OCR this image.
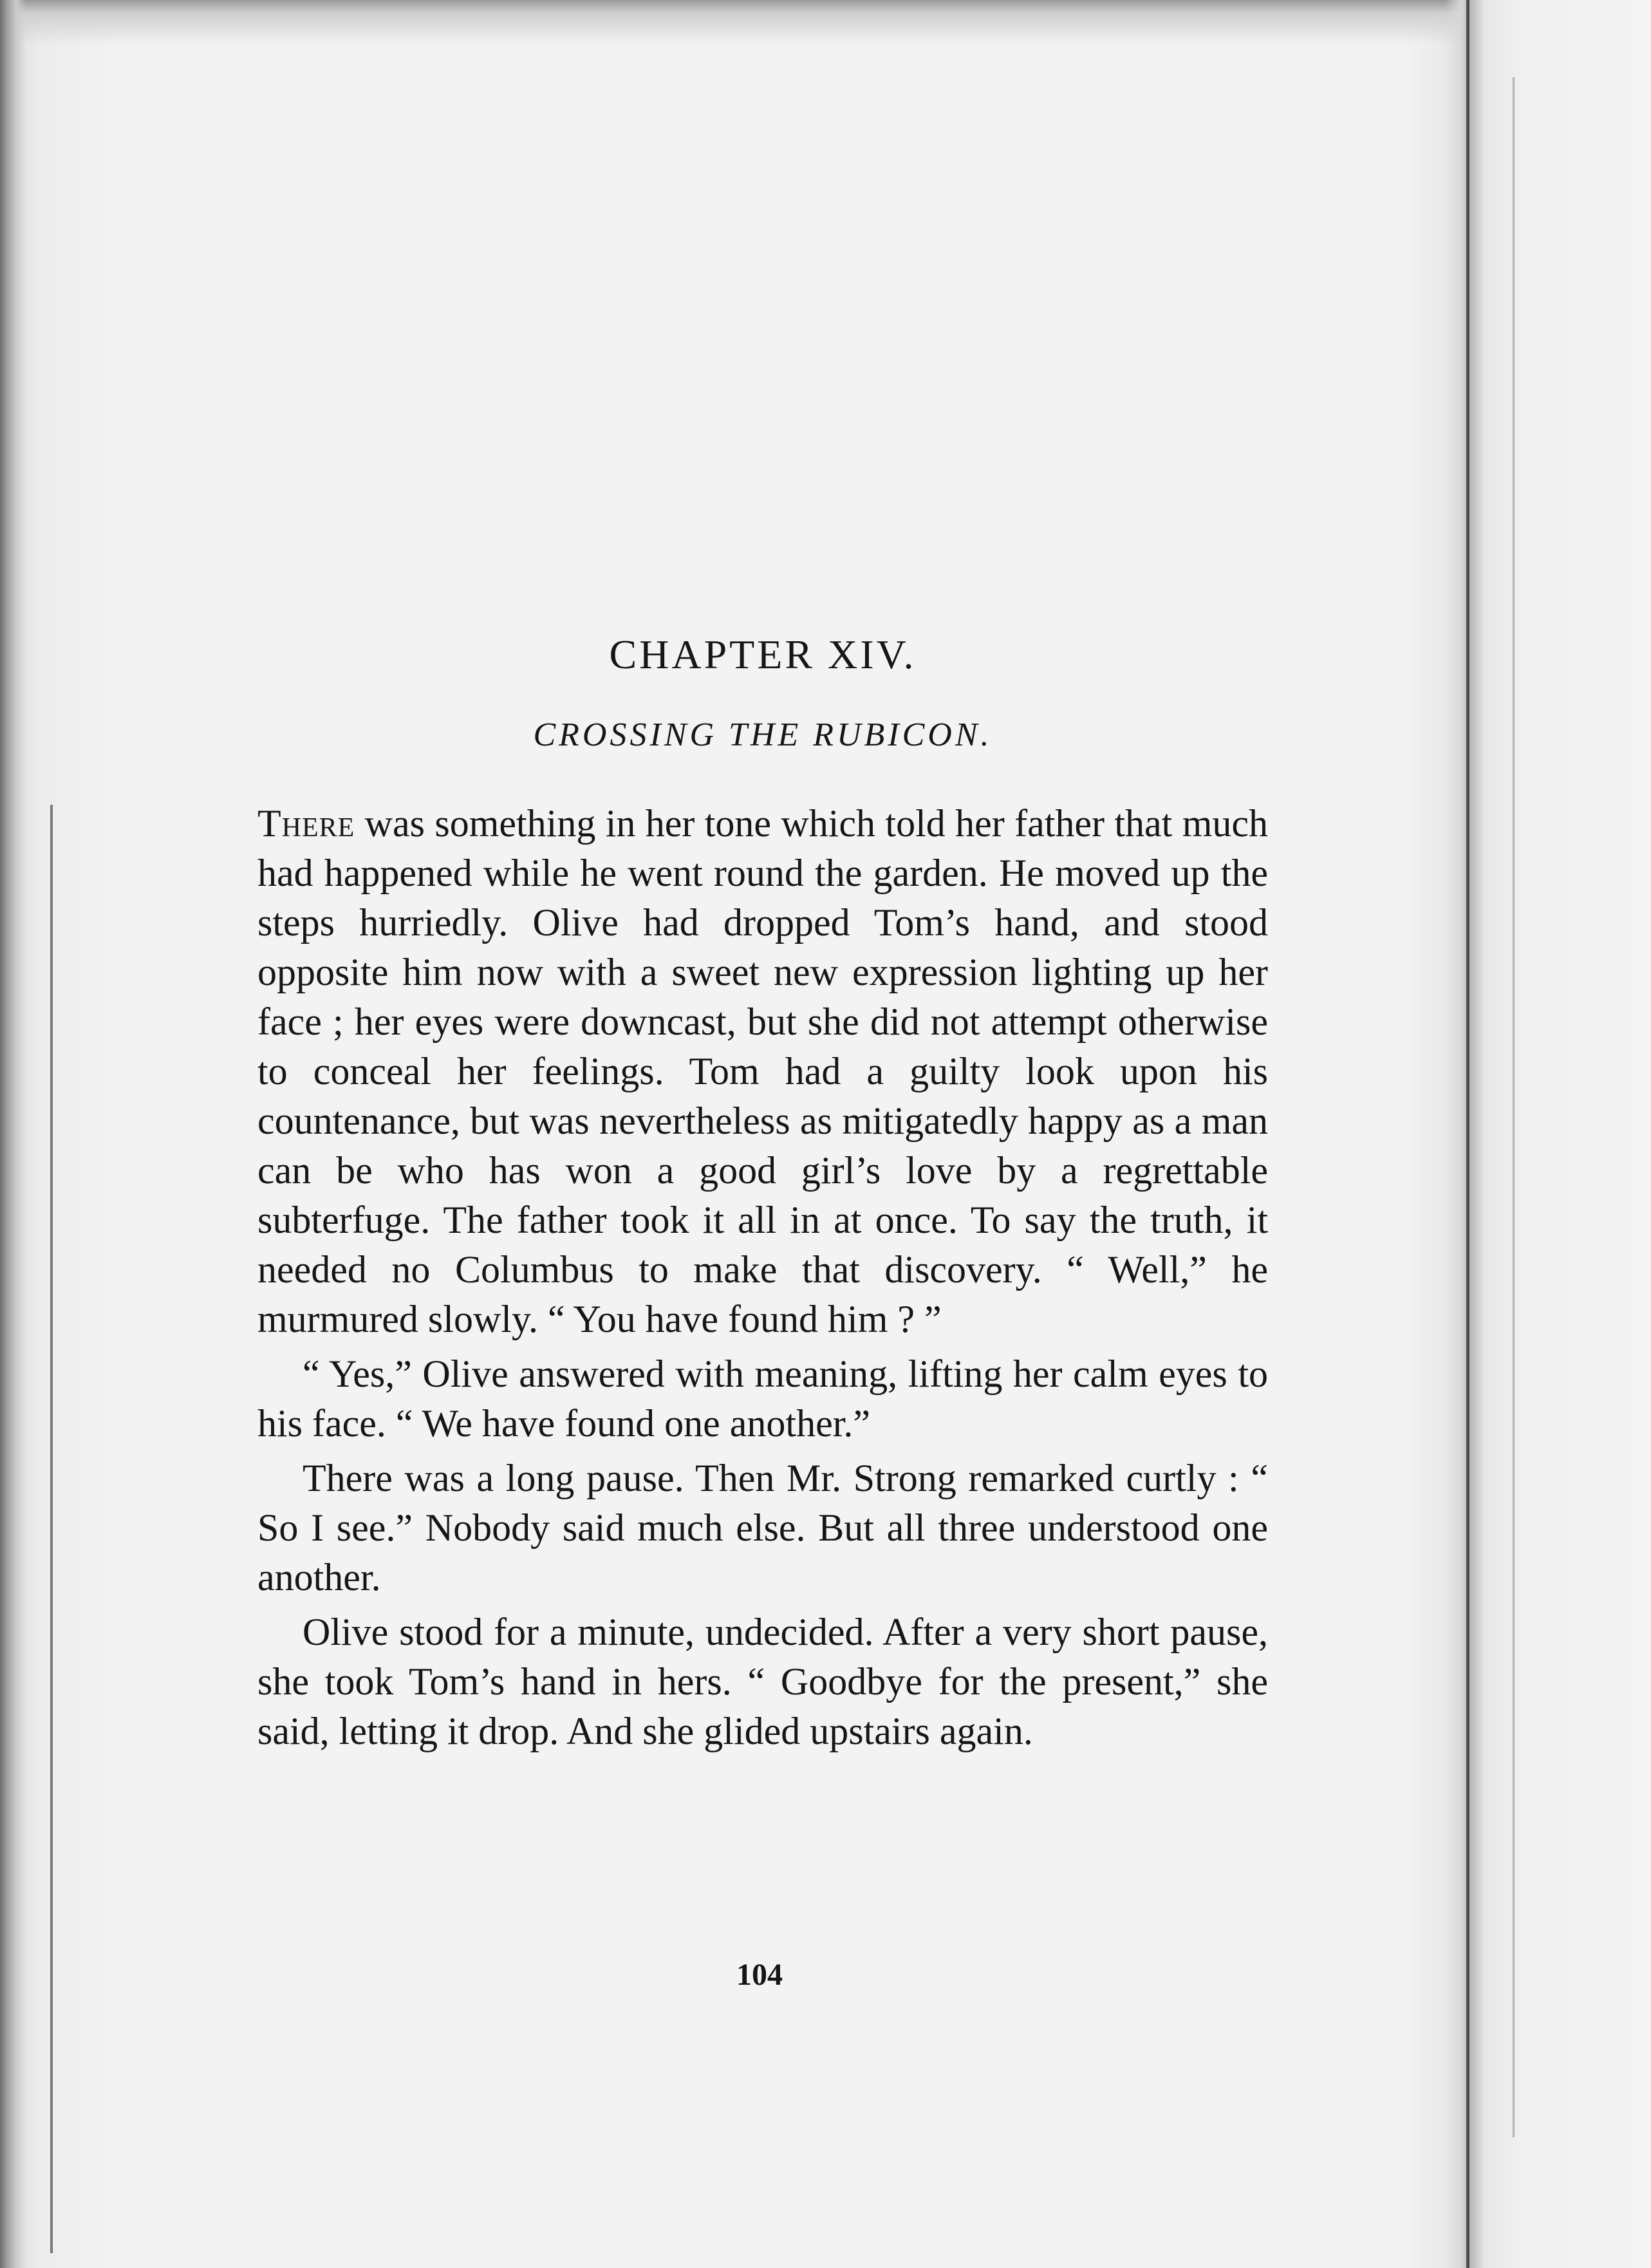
CHAPTER XIV.
CROSSING THE RUBICON.

There was something in her tone which told her father that much had happened while he went round the garden. He moved up the steps hurriedly. Olive had dropped Tom’s hand, and stood opposite him now with a sweet new expression lighting up her face ; her eyes were downcast, but she did not attempt otherwise to conceal her feelings. Tom had a guilty look upon his countenance, but was nevertheless as mitigatedly happy as a man can be who has won a good girl’s love by a regrettable subterfuge. The father took it all in at once. To say the truth, it needed no Columbus to make that discovery. “ Well,” he murmured slowly. “ You have found him ? ”

“ Yes,” Olive answered with meaning, lifting her calm eyes to his face. “ We have found one another.”

There was a long pause. Then Mr. Strong remarked curtly : “ So I see.” Nobody said much else. But all three understood one another.

Olive stood for a minute, undecided. After a very short pause, she took Tom’s hand in hers. “ Goodbye for the present,” she said, letting it drop. And she glided upstairs again.

104
